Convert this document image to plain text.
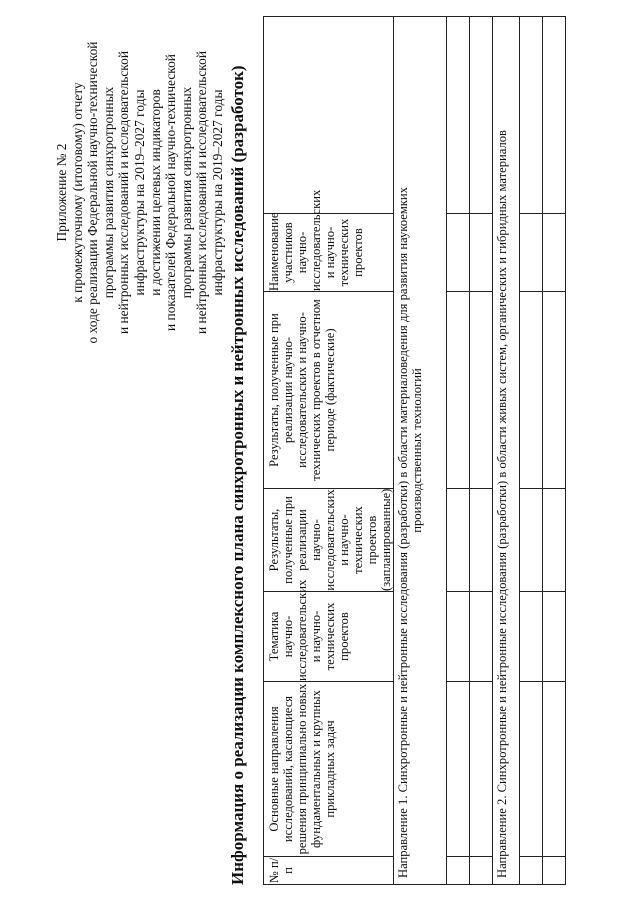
Приложение № 2 к промежуточному (итоговому) отчету о ходе реализации Федеральной научно-технической программы развития синхротронных и нейтронных исследований и исследовательской инфраструктуры на 2019–2027 годы и достижении целевых индикаторов и показателей Федеральной научно-технической программы развития синхротронных и нейтронных исследований и исследовательской инфраструктуры на 2019–2027 годы Информация о реализации комплексного плана синхротронных и нейтронных исследований (разработок) № п/п	Основные направления исследований, касающиеся решения принципиально новых фундаментальных и крупных прикладных задач	Тематика научно-исследовательских и научно-технических проектов	Результаты, полученные при реализации научно-исследовательских и научно-технических проектов (запланированные)	Результаты, полученные при реализации научно-исследовательских и научно-технических проектов в отчетном периоде (фактические)	Наименование участников научно-исследовательских и научно-технических проектов	
Направление 1. Синхротронные и нейтронные исследования (разработки) в области материаловедения для развития наукоемких производственных технологий						

Направление 2. Синхротронные и нейтронные исследования (разработки) в области живых систем, органических и гибридных материалов						
